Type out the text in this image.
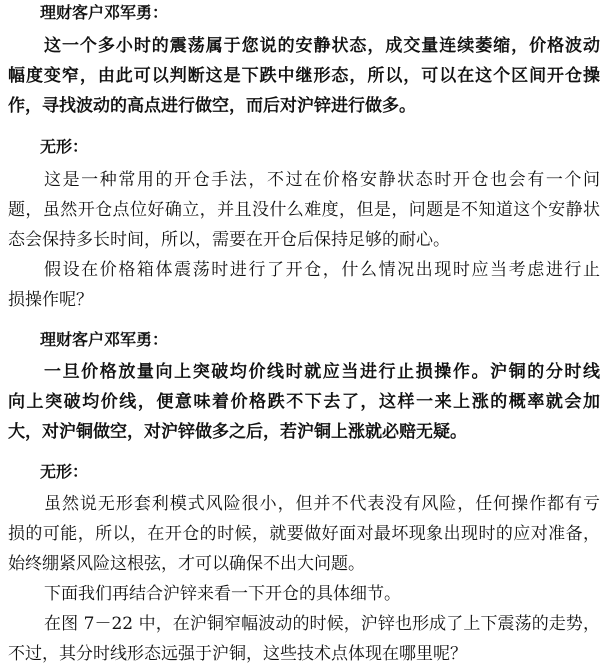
理财客户邓军勇：

这一个多小时的震荡属于您说的安静状态，成交量连续萎缩，价格波动
幅度变窄，由此可以判断这是下跌中继形态，所以，可以在这个区间开仓操
作，寻找波动的高点进行做空，而后对沪锌进行做多。

无形：

这是一种常用的开仓手法，不过在价格安静状态时开仓也会有一个问
题，虽然开仓点位好确立，并且没什么难度，但是，问题是不知道这个安静状
态会保持多长时间，所以，需要在开仓后保持足够的耐心。

假设在价格箱体震荡时进行了开仓，什么情况出现时应当考虑进行止
损操作呢？

理财客户邓军勇：

一旦价格放量向上突破均价线时就应当进行止损操作。沪铜的分时线
向上突破均价线，便意味着价格跌不下去了，这样一来上涨的概率就会加
大，对沪铜做空，对沪锌做多之后，若沪铜上涨就必赔无疑。

无形：

虽然说无形套利模式风险很小，但并不代表没有风险，任何操作都有亏
损的可能，所以，在开仓的时候，就要做好面对最坏现象出现时的应对准备，
始终绷紧风险这根弦，才可以确保不出大问题。

下面我们再结合沪锌来看一下开仓的具体细节。

在图 7－22 中，在沪铜窄幅波动的时候，沪锌也形成了上下震荡的走势，
不过，其分时线形态远强于沪铜，这些技术点体现在哪里呢？
